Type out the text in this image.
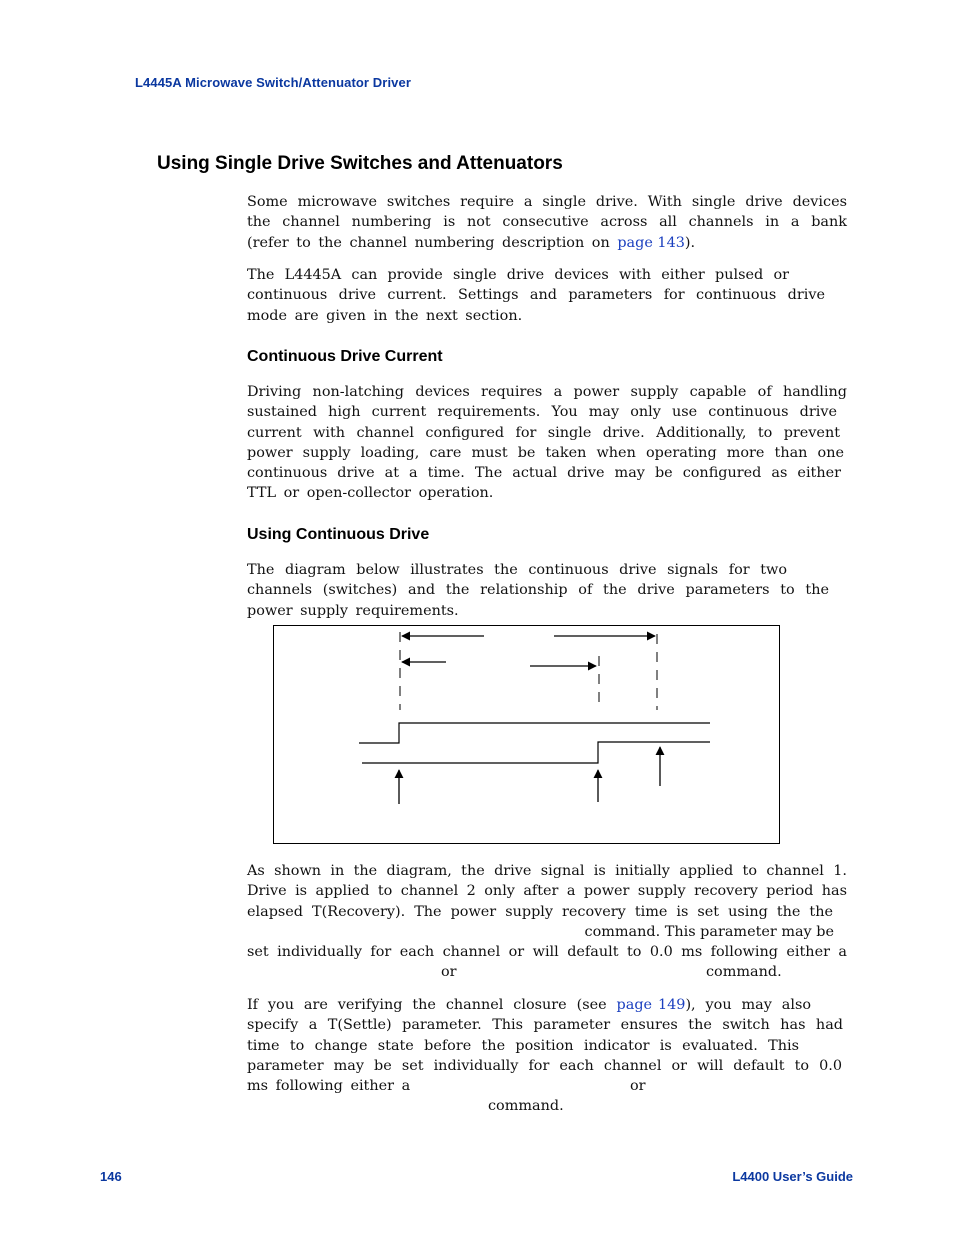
L4445A Microwave Switch/Attenuator Driver
Using Single Drive Switches and Attenuators
Some microwave switches require a single drive. With single drive devices
the channel numbering is not consecutive across all channels in a bank
(refer to the channel numbering description on page 143).
The L4445A can provide single drive devices with either pulsed or
continuous drive current. Settings and parameters for continuous drive
mode are given in the next section.
Continuous Drive Current
Driving non-latching devices requires a power supply capable of handling
sustained high current requirements. You may only use continuous drive
current with channel configured for single drive. Additionally, to prevent
power supply loading, care must be taken when operating more than one
continuous drive at a time. The actual drive may be configured as either
TTL or open-collector operation.
Using Continuous Drive
The diagram below illustrates the continuous drive signals for two
channels (switches) and the relationship of the drive parameters to the
power supply requirements.
As shown in the diagram, the drive signal is initially applied to channel 1.
Drive is applied to channel 2 only after a power supply recovery period has
elapsed T(Recovery). The power supply recovery time is set using the the
command. This parameter may be
set individually for each channel or will default to 0.0 ms following either a
or	command.
If you are verifying the channel closure (see page 149), you may also
specify a T(Settle) parameter. This parameter ensures the switch has had
time to change state before the position indicator is evaluated. This
parameter may be set individually for each channel or will default to 0.0
ms following either a	or
command.
146	L4400 User’s Guide
